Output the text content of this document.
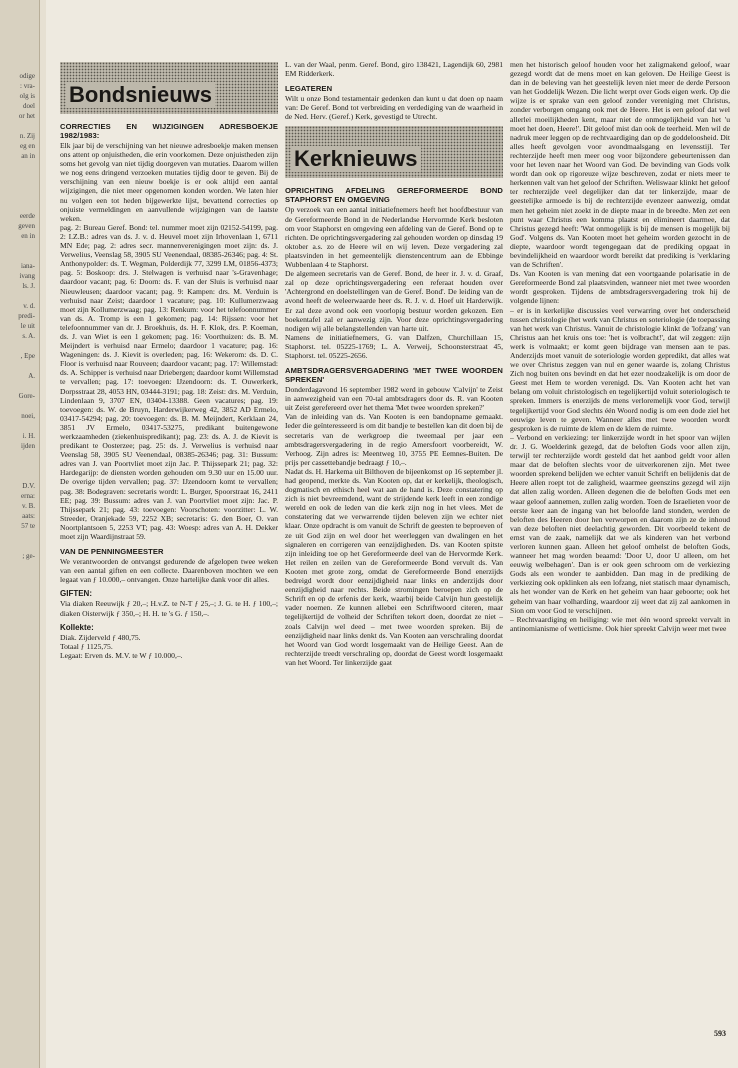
odige
: vra-
olg is
doel
or het
n. Zij
eg en
an in
eerde
geven
en in
iana-
ivang
ls. J.
v. d.
predi-
le uit
s. A.
, Epe
A.
Gore-
noei,
i. H.
ijden
D.V.
erna:
v. B.
aats:
57 te
; ge-
Bondsnieuws
CORRECTIES EN WIJZIGINGEN ADRESBOEKJE 1982/1983:

Elk jaar bij de verschijning van het nieuwe adresboekje maken mensen ons attent op onjuistheden, die erin voorkomen. Deze onjuistheden zijn soms het gevolg van niet tijdig doorgeven van mutaties. Daarom willen we nog eens dringend verzoeken mutaties tijdig door te geven. Bij de verschijning van een nieuw boekje is er ook altijd een aantal wijzigingen, die niet meer opgenomen konden worden. We laten hier nu volgen een tot heden bijgewerkte lijst, bevattend correcties op onjuiste vermeldingen en aanvullende wijzigingen van de laatste weken.

pag. 2: Bureau Geref. Bond: tel. nummer moet zijn 02152-54199, pag. 2: I.Z.B.: adres van ds. J. v. d. Heuvel moet zijn Irhovenlaan 1, 6711 MN Ede; pag. 2: adres secr. mannenverenigingen moet zijn: ds. J. Verwelius, Veenslag 58, 3905 SU Veenendaal, 08385-26346; pag. 4: St. Anthonypolder: ds. T. Wegman, Polderdijk 77, 3299 LM, 01856-4373; pag. 5: Boskoop: drs. J. Stelwagen is verhuisd naar 's-Gravenhage; daardoor vacant; pag. 6: Doorn: ds. F. van der Sluis is verhuisd naar Nieuwleusen; daardoor vacant; pag. 9: Kampen: drs. M. Verduin is verhuisd naar Zeist; daardoor 1 vacature; pag. 10: Kullumerzwaag moet zijn Kollumerzwaag; pag. 13: Renkum: voor het telefoonnummer van ds. A. Tromp is een 1 gekomen; pag. 14: Rijssen: voor het telefoonnummer van dr. J. Broekhuis, ds. H. F. Klok, drs. P. Koeman, ds. J. van Wiet is een 1 gekomen; pag. 16: Voorthuizen: ds. B. M. Meijndert is verhuisd naar Ermelo; daardoor 1 vacature; pag. 16: Wageningen: ds. J. Kievit is overleden; pag. 16: Wekerom: ds. D. C. Floor is verhuisd naar Rouveen; daardoor vacant; pag. 17: Willemstad: ds. A. Schipper is verhuisd naar Driebergen; daardoor komt Willemstad te vervallen; pag. 17: toevoegen: IJzendoorn: ds. T. Ouwerkerk, Dorpsstraat 28, 4053 HN, 03444-3191; pag. 18: Zeist: drs. M. Verduin, Lindenlaan 9, 3707 EN, 03404-13388. Geen vacatures; pag. 19: toevoegen: ds. W. de Bruyn, Harderwijkerweg 42, 3852 AD Ermelo, 03417-54294; pag. 20: toevoegen: ds. B. M. Meijndert, Kerklaan 24, 3851 JV Ermelo, 03417-53275, predikant buitengewone werkzaamheden (ziekenhuispredikant); pag. 23: ds. A. J. de Kievit is predikant te Oosterzee; pag. 25: ds. J. Verwelius is verhuisd naar Veenslag 58, 3905 SU Veenendaal, 08385-26346; pag. 31: Bussum: adres van J. van Poortvliet moet zijn Jac. P. Thijssepark 21; pag. 32: Hardegarijp: de diensten worden gehouden om 9.30 uur en 15.00 uur. De overige tijden vervallen; pag. 37: IJzendoorn komt te vervallen; pag. 38: Bodegraven: secretaris wordt: L. Burger, Spoorstraat 16, 2411 EE; pag. 39: Bussum: adres van J. van Poortvliet moet zijn: Jac. P. Thijssepark 21; pag. 43: toevoegen: Voorschoten: voorzitter: L. W. Streeder, Oranjekade 59, 2252 XB; secretaris: G. den Boer, O. van Noortplantsoen 5, 2253 VT; pag. 43: Woesp: adres van A. H. Dekker moet zijn Waardijnstraat 59.

VAN DE PENNINGMEESTER

We verantwoorden de ontvangst gedurende de afgelopen twee weken van een aantal giften en een collecte. Daarenboven mochten we een legaat van ƒ 10.000,– ontvangen. Onze hartelijke dank voor dit alles.

GIFTEN:

Via diaken Reeuwijk ƒ 20,–; H.v.Z. te N-T ƒ 25,–; J. G. te H. ƒ 100,–; diaken Oisterwijk ƒ 350,–; H. H. te 's G. ƒ 150,–.

Kollekte:

Diak. Zijderveld ƒ 480,75.

Totaal ƒ 1125,75.

Legaat: Erven ds. M.V. te W ƒ 10.000,–.

L. van der Waal, penm. Geref. Bond, giro 138421, Lagendijk 60, 2981 EM Ridderkerk.

LEGATEREN

Wilt u onze Bond testamentair gedenken dan kunt u dat doen op naam van: De Geref. Bond tot verbreiding en verdediging van de waarheid in de Ned. Herv. (Geref.) Kerk, gevestigd te Utrecht.

Kerknieuws
OPRICHTING AFDELING GEREFORMEERDE BOND STAPHORST EN OMGEVING

Op verzoek van een aantal initiatiefnemers heeft het hoofdbestuur van de Gereformeerde Bond in de Nederlandse Hervormde Kerk besloten om voor Staphorst en omgeving een afdeling van de Geref. Bond op te richten. De oprichtingsvergadering zal gehouden worden op dinsdag 19 oktober a.s. zo de Heere wil en wij leven. Deze vergadering zal plaatsvinden in het gemeentelijk dienstencentrum aan de Ebbinge Wubbenlaan 4 te Staphorst.

De algemeen secretaris van de Geref. Bond, de heer ir. J. v. d. Graaf, zal op deze oprichtingsvergadering een referaat houden over 'Achtergrond en doelstellingen van de Geref. Bond'. De leiding van de avond heeft de weleerwaarde heer ds. R. J. v. d. Hoef uit Harderwijk. Er zal deze avond ook een voorlopig bestuur worden gekozen. Een boekentafel zal er aanwezig zijn. Voor deze oprichtingsvergadering nodigen wij alle belangstellenden van harte uit.

Namens de initiatiefnemers, G. van Dalfzen, Churchillaan 15, Staphorst. tel. 05225-1769; L. A. Verweij, Schoonsterstraat 45, Staphorst. tel. 05225-2656.

AMBTSDRAGERSVERGADERING 'MET TWEE WOORDEN SPREKEN'

Donderdagavond 16 september 1982 werd in gebouw 'Calvijn' te Zeist in aanwezigheid van een 70-tal ambtsdragers door ds. R. van Kooten uit Zeist gerefereerd over het thema 'Met twee woorden spreken?'

Van de inleiding van ds. Van Kooten is een bandopname gemaakt. Ieder die geïnteresseerd is om dit bandje te bestellen kan dit doen bij de secretaris van de werkgroep die tweemaal per jaar een ambtsdragersvergadering in de regio Amersfoort voorbereidt, W. Verhoog. Zijn adres is: Meentweg 10, 3755 PE Eemnes-Buiten. De prijs per cassettebandje bedraagt ƒ 10,–.

Nadat ds. H. Harkema uit Bilthoven de bijeenkomst op 16 september jl. had geopend, merkte ds. Van Kooten op, dat er kerkelijk, theologisch, dogmatisch en ethisch heel wat aan de hand is. Deze constatering op zich is niet bevreemdend, want de strijdende kerk leeft in een zondige wereld en ook de leden van die kerk zijn nog in het vlees. Met de constatering dat we verwarrende tijden beleven zijn we echter niet klaar. Onze opdracht is om vanuit de Schrift de geesten te beproeven of ze uit God zijn en wel door het weerleggen van dwalingen en het signaleren en corrigeren van eenzijdigheden. Ds. van Kooten spitste zijn inleiding toe op het Gereformeerde deel van de Hervormde Kerk. Het reilen en zeilen van de Gereformeerde Bond vervult ds. Van Kooten met grote zorg, omdat de Gereformeerde Bond enerzijds bedreigd wordt door eenzijdigheid naar links en anderzijds door eenzijdigheid naar rechts. Beide stromingen beroepen zich op de Schrift en op de erfenis der kerk, waarbij beide Calvijn hun geestelijk vader noemen. Ze kunnen allebei een Schriftwoord citeren, maar tegelijkertijd de volheid der Schriften tekort doen, doordat ze niet – zoals Calvijn wel deed – met twee woorden spreken. Bij de eenzijdigheid naar links denkt ds. Van Kooten aan verschraling doordat het Woord van God wordt losgemaakt van de Heilige Geest. Aan de rechterzijde treedt verschraling op, doordat de Geest wordt losgemaakt van het Woord. Ter linkerzijde gaat

men het historisch geloof houden voor het zaligmakend geloof, waar gezegd wordt dat de mens moet en kan geloven. De Heilige Geest is dan in de beleving van het geestelijk leven niet meer de derde Persoon van het Goddelijk Wezen. Die licht werpt over Gods eigen werk. Op die wijze is er sprake van een geloof zonder vereniging met Christus, zonder verborgen omgang ook met de Heere. Het is een geloof dat wel allerlei moeilijkheden kent, maar niet de onmogelijkheid van het 'u moet het doen, Heere!'. Dit geloof mist dan ook de teerheid. Men wil de nadruk meer leggen op de rechtvaardiging dan op de goddeloosheid. Dit alles heeft gevolgen voor avondmaalsgang en levensstijl. Ter rechterzijde heeft men meer oog voor bijzondere gebeurtenissen dan voor het leven naar het Woord van God. De bevinding van Gods volk wordt dan ook op rigoreuze wijze beschreven, zodat er niets meer te herkennen valt van het geloof der Schriften. Weliswaar klinkt het geloof ter rechterzijde veel degelijker dan dat ter linkerzijde, maar de geestelijke armoede is bij de rechterzijde evenzeer aanwezig, omdat men het geheim niet zoekt in de diepte maar in de breedte. Men zet een punt waar Christus een komma plaatst en elimineert daarmee, dat Christus gezegd heeft: 'Wat onmogelijk is bij de mensen is mogelijk bij God'. Volgens ds. Van Kooten moet het geheim worden gezocht in de diepte, waardoor wordt tegengegaan dat de prediking opgaat in bevindelijkheid en waardoor wordt bereikt dat prediking is 'verklaring van de Schriften'.

Ds. Van Kooten is van mening dat een voortgaande polarisatie in de Gereformeerde Bond zal plaatsvinden, wanneer niet met twee woorden wordt gesproken. Tijdens de ambtsdragersvergadering trok hij de volgende lijnen:

– er is in kerkelijke discussies veel verwarring over het onderscheid tussen christologie (het werk van Christus en soteriologie (de toepassing van het werk van Christus. Vanuit de christologie klinkt de 'lofzang' van Christus aan het kruis ons toe: 'het is volbracht!', dat wil zeggen: zijn werk is volmaakt; er komt geen bijdrage van mensen aan te pas. Anderzijds moet vanuit de soteriologie worden gepredikt, dat alles wat we over Christus zeggen van nul en gener waarde is, zolang Christus Zich nog buiten ons bevindt en dat het ezer noodzakelijk is om door de Geest met Hem te worden verenigd. Ds. Van Kooten acht het van belang om voluit christologisch en tegelijkertijd voluit soteriologisch te spreken. Immers is enerzijds de mens verloremelijk voor God, terwijl tegelijkertijd voor God slechts één Woord nodig is om een dode ziel het eeuwige leven te geven. Wanneer alles met twee woorden wordt gesproken is de ruimte de klem en de klem de ruimte.

– Verbond en verkiezing: ter linkerzijde wordt in het spoor van wijlen dr. J. G. Woelderink gezegd, dat de beloften Gods voor allen zijn, terwijl ter rechterzijde wordt gesteld dat het aanbod geldt voor allen maar dat de beloften slechts voor de uitverkorenen zijn. Met twee woorden sprekend belijden we echter vanuit Schrift en belijdenis dat de Heere allen roept tot de zaligheid, waarmee geenszins gezegd wil zijn dat allen zalig worden. Alleen degenen die de beloften Gods met een waar geloof aannemen, zullen zalig worden. Toen de Israelieten voor de eerste keer aan de ingang van het beloofde land stonden, werden de beloften des Heeren door hen verworpen en daarom zijn ze de inhoud van deze beloften niet deelachtig geworden. Dit voorbeeld tekent de ernst van de zaak, namelijk dat we als kinderen van het verbond verloren kunnen gaan. Alleen het geloof omhelst de beloften Gods, wanneer het mag worden beaamd: 'Door U, door U alleen, om het eeuwig welbehagen'. Dan is er ook geen schroom om de verkiezing Gods als een wonder te aanbidden. Dan mag in de prediking de verkiezing ook opklinken als een lofzang, niet statisch maar dynamisch, als het wonder van de Kerk en het geheim van haar geboorte; ook het geheim van haar volharding, waardoor zij weet dat zij zal aankomen in Sion om voor God te verschijnen.

– Rechtvaardiging en heiliging: wie met één woord spreekt vervalt in antinomianisme of wetticisme. Ook hier spreekt Calvijn weer met twee

593
